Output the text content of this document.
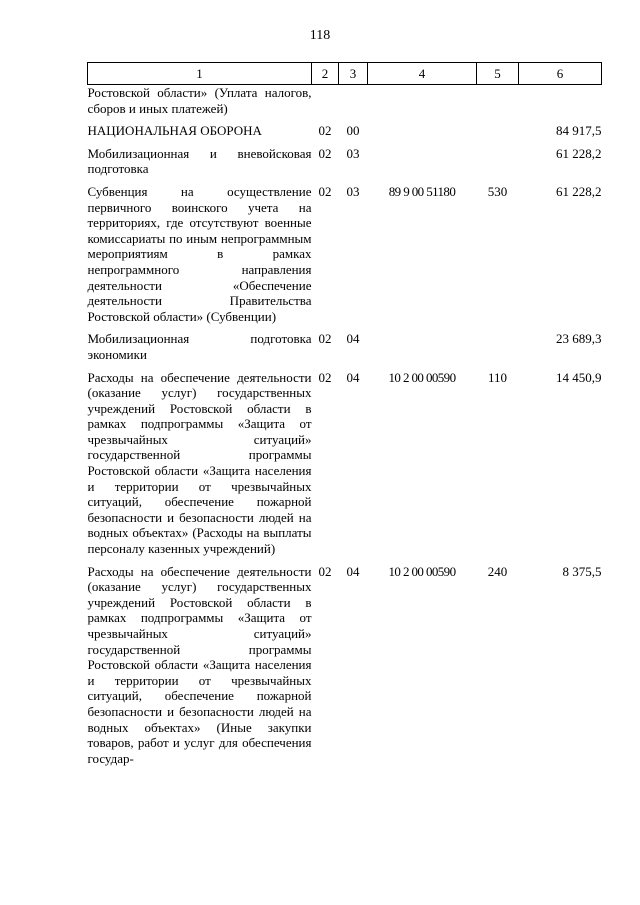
118
1	2	3	4	5	6
Ростовской области» (Уплата налогов, сборов и иных платежей)					
НАЦИОНАЛЬНАЯ ОБОРОНА	02	00			84 917,5
Мобилизационная и вневойсковая подготовка	02	03			61 228,2
Субвенция на осуществление первичного воинского учета на территориях, где отсутствуют военные комиссариаты по иным непрограммным мероприятиям в рамках непрограммного направления деятельности «Обеспечение деятельности Правительства Ростовской области» (Субвенции)	02	03	89 9 00 51180	530	61 228,2
Мобилизационная подготовка экономики	02	04			23 689,3
Расходы на обеспечение деятельности (оказание услуг) государственных учреждений Ростовской области в рамках подпрограммы «Защита от чрезвычайных ситуаций» государственной программы Ростовской области «Защита населения и территории от чрезвычайных ситуаций, обеспечение пожарной безопасности и безопасности людей на водных объектах» (Расходы на выплаты персоналу казенных учреждений)	02	04	10 2 00 00590	110	14 450,9
Расходы на обеспечение деятельности (оказание услуг) государственных учреждений Ростовской области в рамках подпрограммы «Защита от чрезвычайных ситуаций» государственной программы Ростовской области «Защита населения и территории от чрезвычайных ситуаций, обеспечение пожарной безопасности и безопасности людей на водных объектах» (Иные закупки товаров, работ и услуг для обеспечения государ-	02	04	10 2 00 00590	240	8 375,5
